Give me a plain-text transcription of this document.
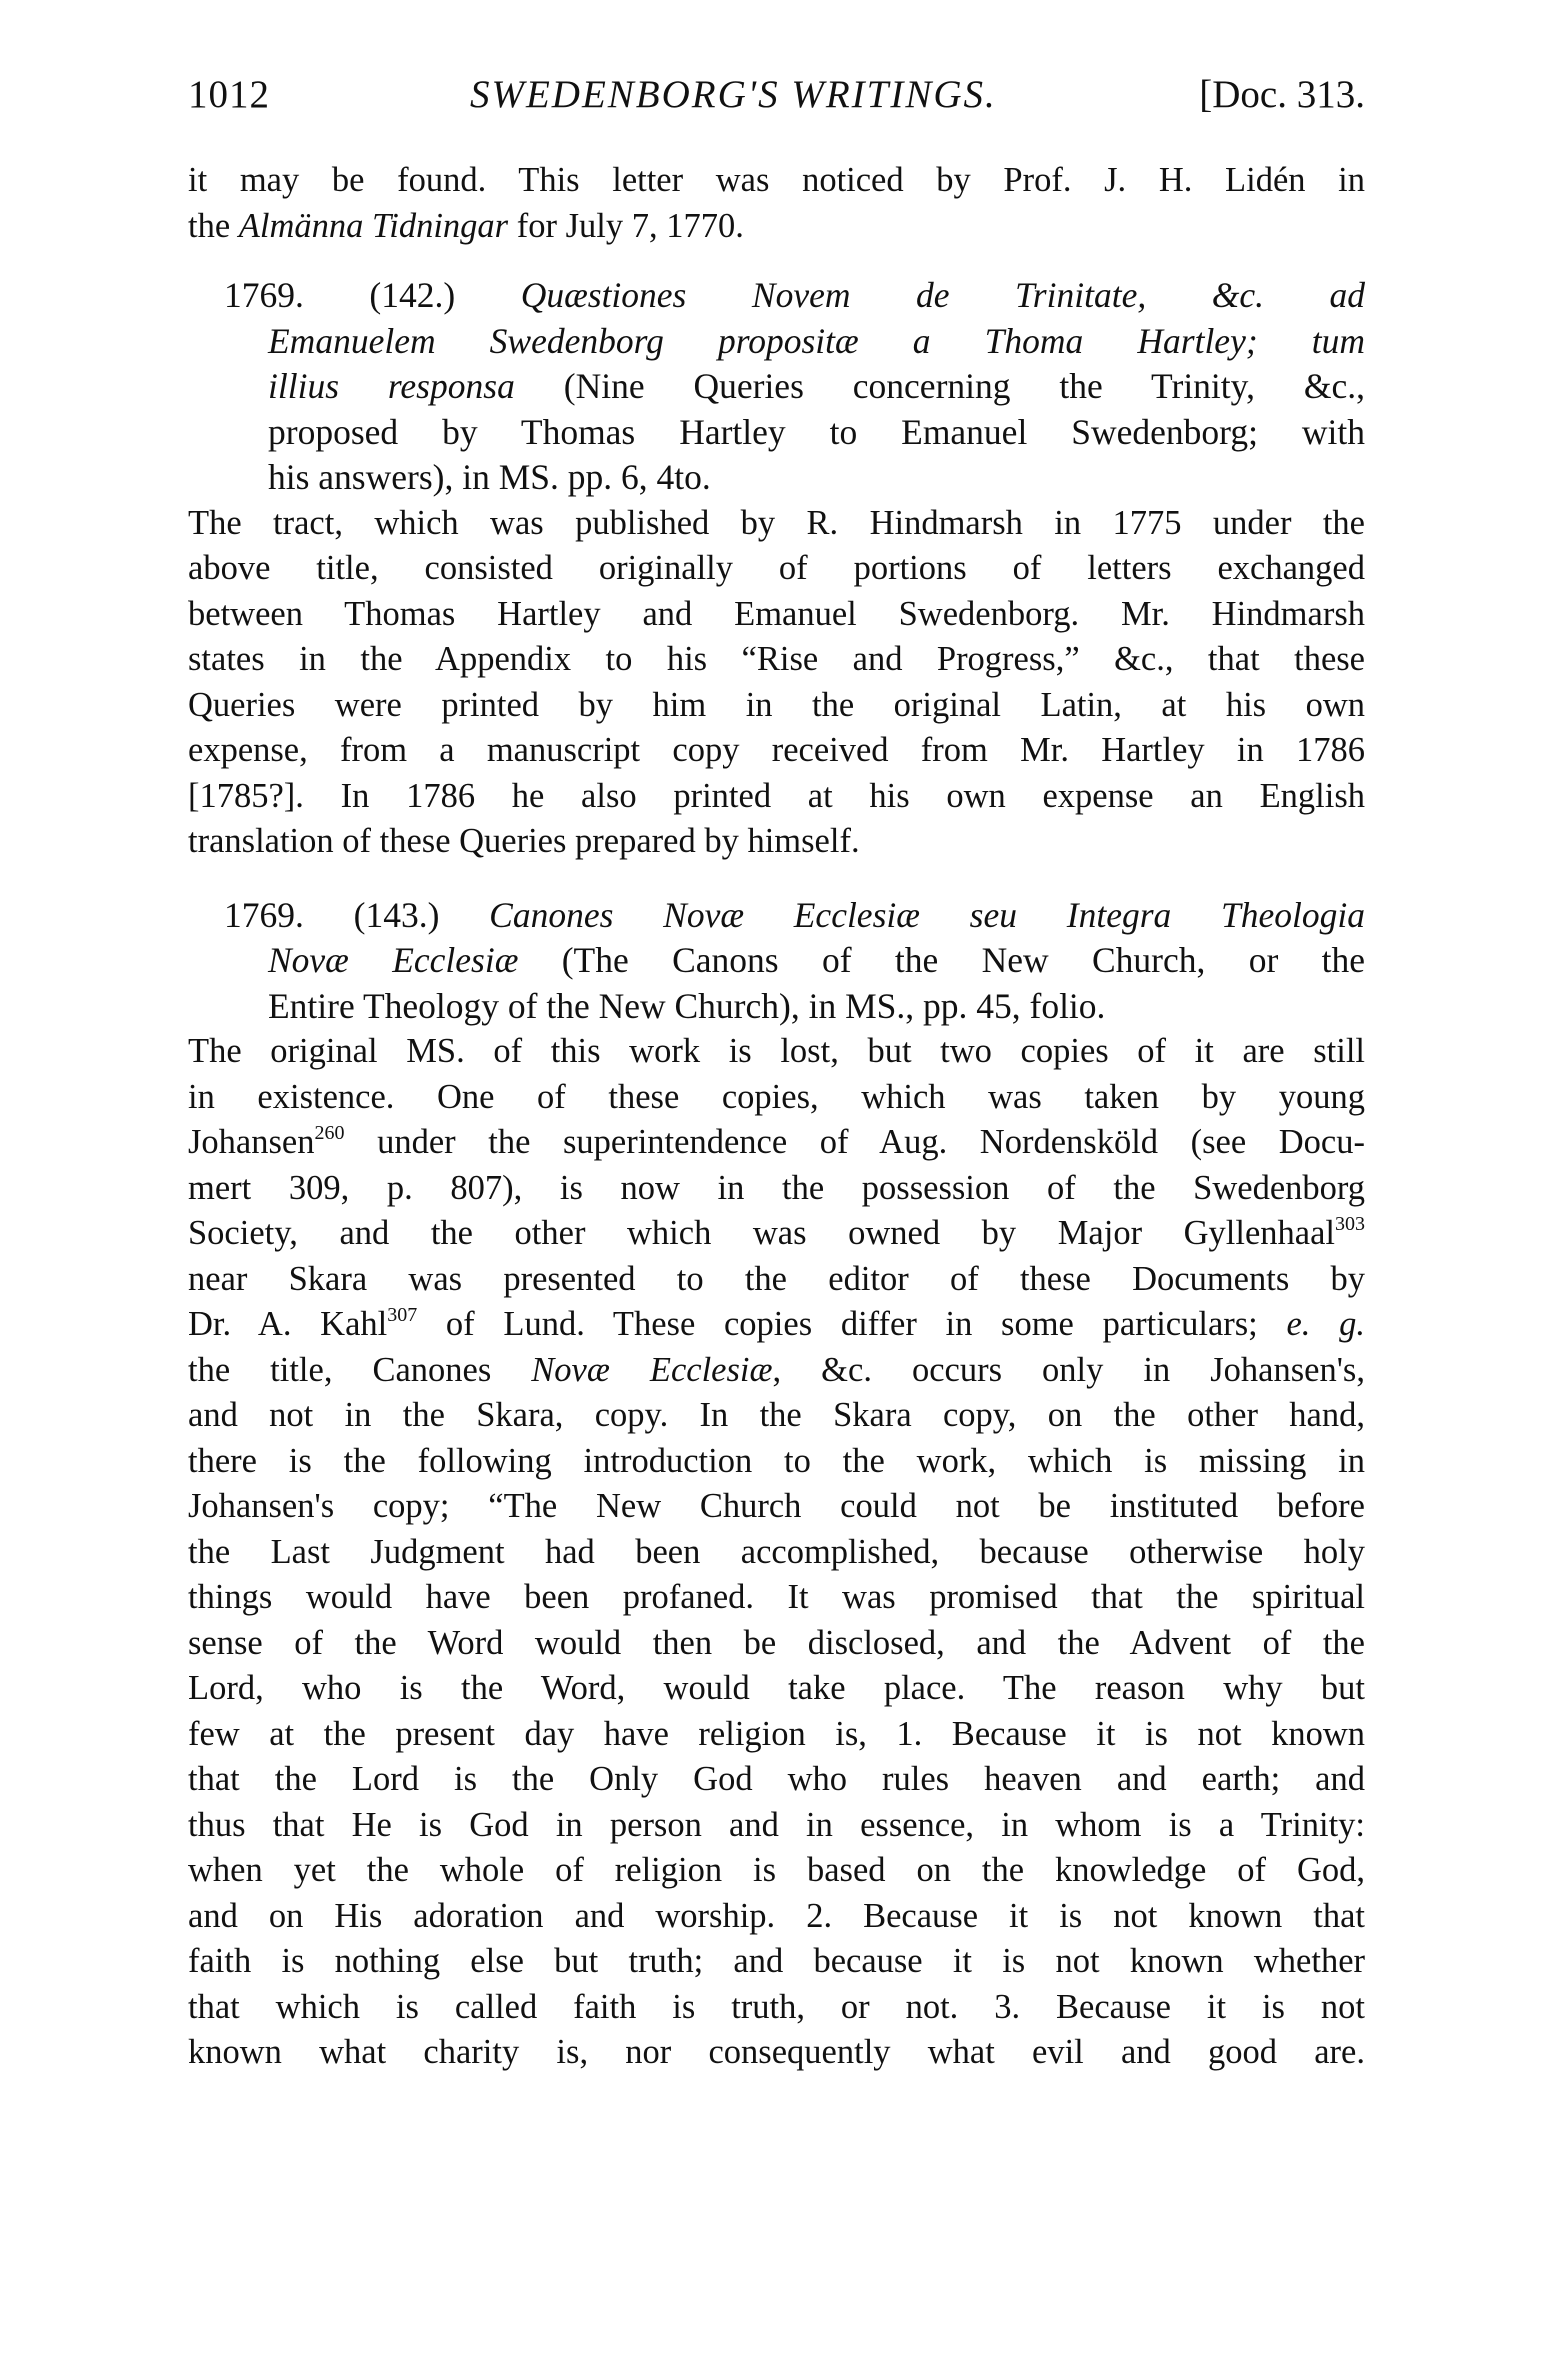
1012	SWEDENBORG'S WRITINGS.	[Doc. 313.
it may be found. This letter was noticed by Prof. J. H. Lidén in
the Almänna Tidningar for July 7, 1770.
1769. (142.) Quæstiones Novem de Trinitate, &c. ad
Emanuelem Swedenborg propositæ a Thoma Hartley; tum
illius responsa (Nine Queries concerning the Trinity, &c.,
proposed by Thomas Hartley to Emanuel Swedenborg; with
his answers), in MS. pp. 6, 4to.
The tract, which was published by R. Hindmarsh in 1775 under the
above title, consisted originally of portions of letters exchanged
between Thomas Hartley and Emanuel Swedenborg. Mr. Hindmarsh
states in the Appendix to his “Rise and Progress,” &c., that these
Queries were printed by him in the original Latin, at his own
expense, from a manuscript copy received from Mr. Hartley in 1786
[1785?]. In 1786 he also printed at his own expense an English
translation of these Queries prepared by himself.
1769. (143.) Canones Novæ Ecclesiæ seu Integra Theologia
Novæ Ecclesiæ (The Canons of the New Church, or the
Entire Theology of the New Church), in MS., pp. 45, folio.
The original MS. of this work is lost, but two copies of it are still
in existence. One of these copies, which was taken by young
Johansen$^{260}$ under the superintendence of Aug. Nordensköld (see Docu-
mert 309, p. 807), is now in the possession of the Swedenborg
Society, and the other which was owned by Major Gyllenhaal$^{303}$
near Skara was presented to the editor of these Documents by
Dr. A. Kahl$^{307}$ of Lund. These copies differ in some particulars; e. g.
the title, Canones Novæ Ecclesiæ, &c. occurs only in Johansen's,
and not in the Skara, copy. In the Skara copy, on the other hand,
there is the following introduction to the work, which is missing in
Johansen's copy; “The New Church could not be instituted before
the Last Judgment had been accomplished, because otherwise holy
things would have been profaned. It was promised that the spiritual
sense of the Word would then be disclosed, and the Advent of the
Lord, who is the Word, would take place. The reason why but
few at the present day have religion is, 1. Because it is not known
that the Lord is the Only God who rules heaven and earth; and
thus that He is God in person and in essence, in whom is a Trinity:
when yet the whole of religion is based on the knowledge of God,
and on His adoration and worship. 2. Because it is not known that
faith is nothing else but truth; and because it is not known whether
that which is called faith is truth, or not. 3. Because it is not
known what charity is, nor consequently what evil and good are.
